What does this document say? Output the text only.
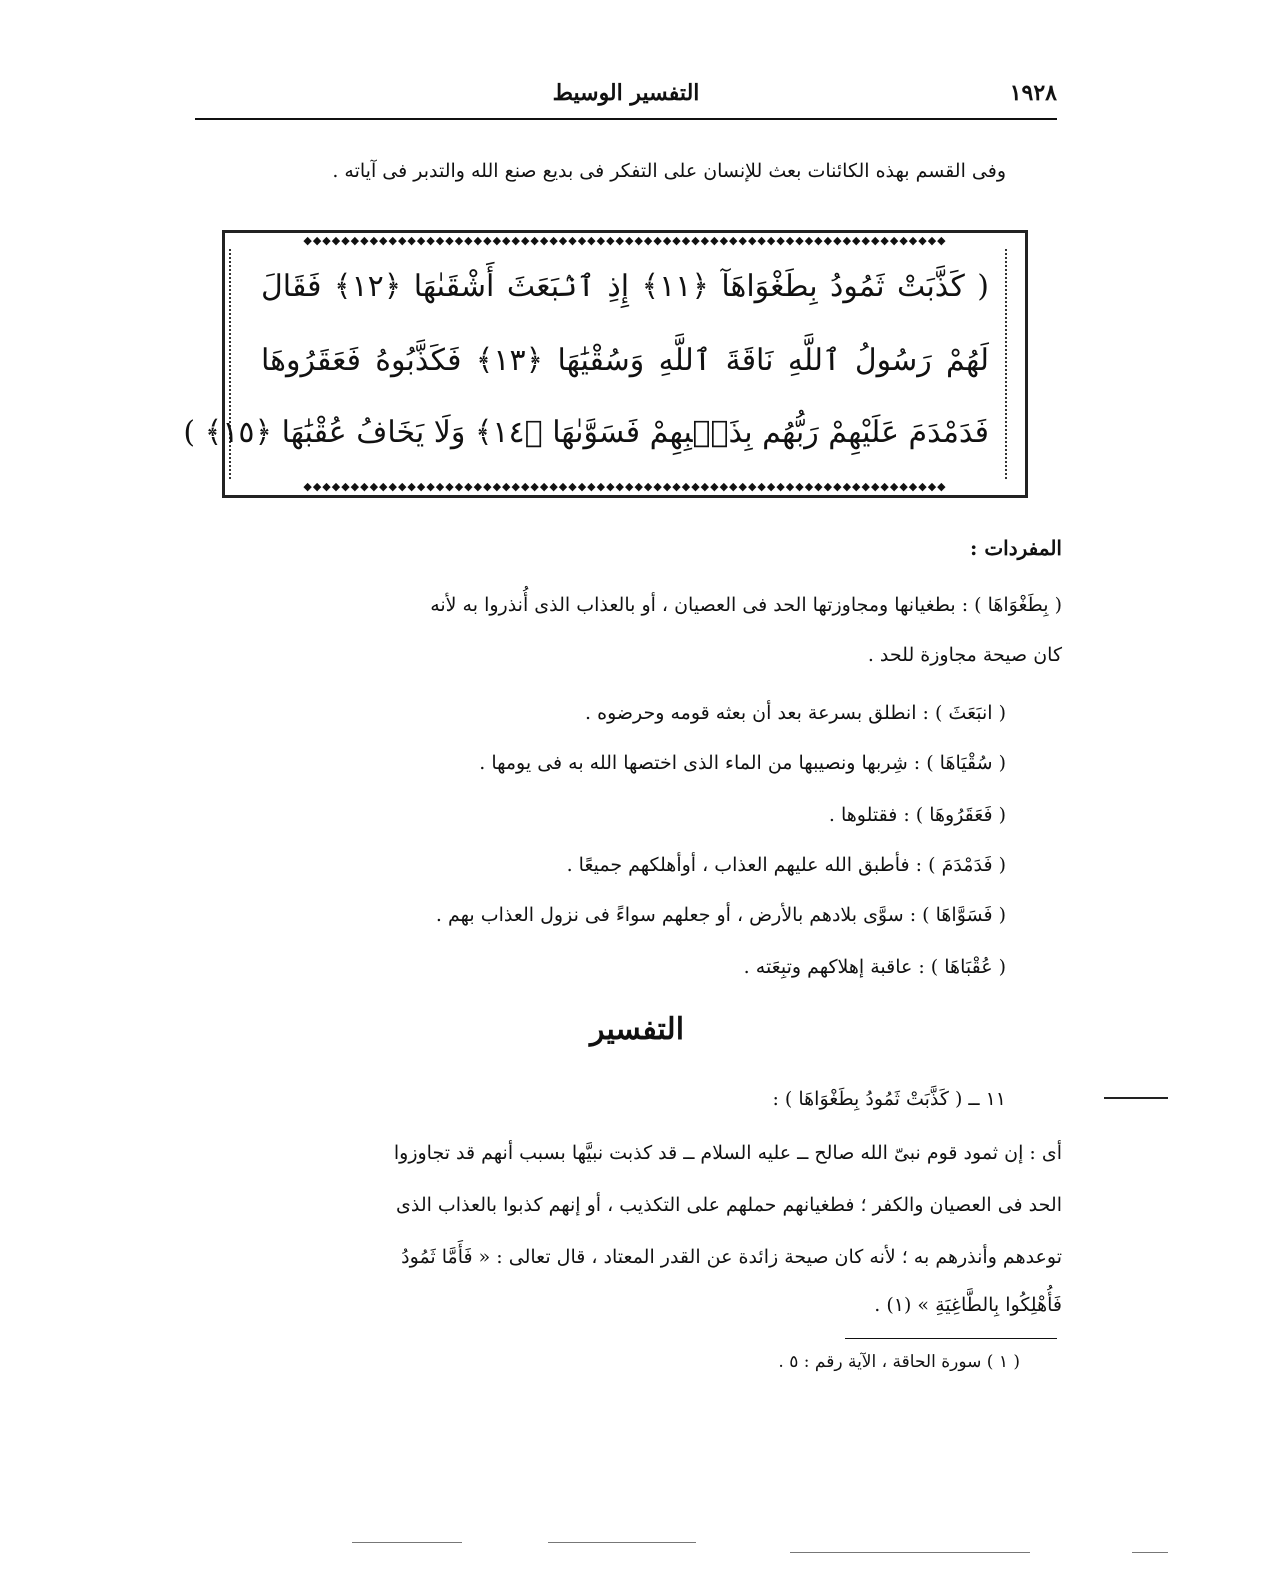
١٩٢٨
التفسير الوسيط
وفى القسم بهذه الكائنات بعث للإنسان على التفكر فى بديع صنع الله والتدبر فى آياته .
◆◆◆◆◆◆◆◆◆◆◆◆◆◆◆◆◆◆◆◆◆◆◆◆◆◆◆◆◆◆◆◆◆◆◆◆◆◆◆◆◆◆◆◆◆◆◆◆◆◆◆◆◆◆◆◆◆◆◆◆◆◆◆◆◆◆◆◆
( كَذَّبَتْ ثَمُودُ بِطَغْوَاهَآ ﴿١١﴾ إِذِ ٱنۢبَعَثَ أَشْقَىٰهَا ﴿١٢﴾ فَقَالَ
لَهُمْ رَسُولُ ٱللَّهِ نَاقَةَ ٱللَّهِ وَسُقْيَٰهَا ﴿١٣﴾ فَكَذَّبُوهُ فَعَقَرُوهَا
فَدَمْدَمَ عَلَيْهِمْ رَبُّهُم بِذَنۢبِهِمْ فَسَوَّىٰهَا ﴿١٤﴾ وَلَا يَخَافُ عُقْبَٰهَا ﴿١٥﴾ )
◆◆◆◆◆◆◆◆◆◆◆◆◆◆◆◆◆◆◆◆◆◆◆◆◆◆◆◆◆◆◆◆◆◆◆◆◆◆◆◆◆◆◆◆◆◆◆◆◆◆◆◆◆◆◆◆◆◆◆◆◆◆◆◆◆◆◆◆
المفردات :
( بِطَغْوَاهَا ) : بطغيانها ومجاوزتها الحد فى العصيان ، أو بالعذاب الذى أُنذروا به لأنه
كان صيحة مجاوزة للحد .
( انبَعَثَ ) : انطلق بسرعة بعد أن بعثه قومه وحرضوه .
( سُقْيَاهَا ) : شِربها ونصيبها من الماء الذى اختصها الله به فى يومها .
( فَعَقَرُوهَا ) : فقتلوها .
( فَدَمْدَمَ ) : فأطبق الله عليهم العذاب ، أوأهلكهم جميعًا .
( فَسَوَّاهَا ) : سوَّى بلادهم بالأرض ، أو جعلهم سواءً فى نزول العذاب بهم .
( عُقْبَاهَا ) : عاقبة إهلاكهم وتبِعَته .
التفسير
١١ ــ ( كَذَّبَتْ ثَمُودُ بِطَغْوَاهَا ) :
أى : إن ثمود قوم نبىّ الله صالح ــ عليه السلام ــ قد كذبت نبيَّها بسبب أنهم قد تجاوزوا
الحد فى العصيان والكفر ؛ فطغيانهم حملهم على التكذيب ، أو إنهم كذبوا بالعذاب الذى
توعدهم وأنذرهم به ؛ لأنه كان صيحة زائدة عن القدر المعتاد ، قال تعالى : « فَأَمَّا ثَمُودُ
فَأُهْلِكُوا بِالطَّاغِيَةِ » (١) .
( ١ ) سورة الحاقة ، الآية رقم : ٥ .
